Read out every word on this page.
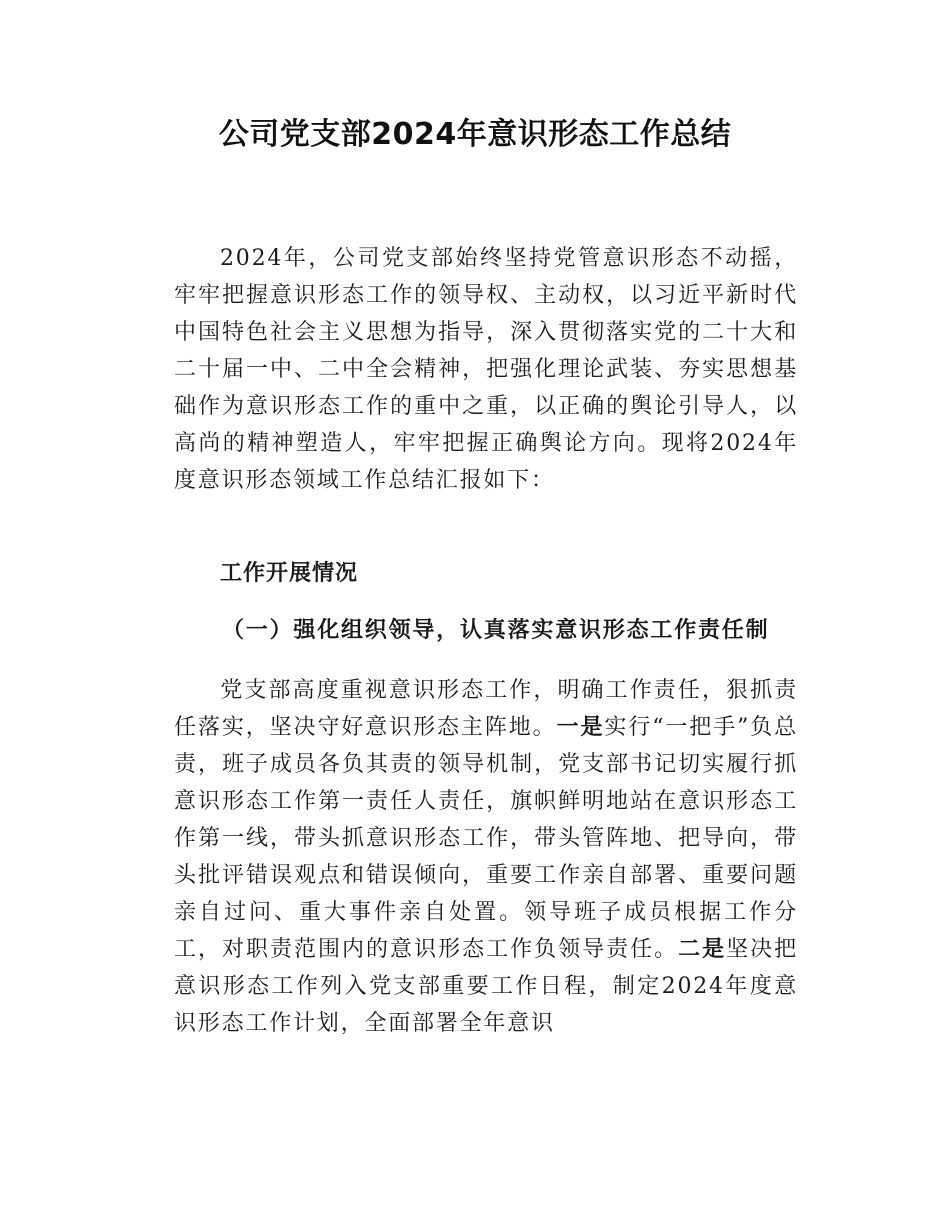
公司党支部2024年意识形态工作总结

2024年，公司党支部始终坚持党管意识形态不动摇，牢牢把握意识形态工作的领导权、主动权，以习近平新时代中国特色社会主义思想为指导，深入贯彻落实党的二十大和二十届一中、二中全会精神，把强化理论武装、夯实思想基础作为意识形态工作的重中之重，以正确的舆论引导人，以高尚的精神塑造人，牢牢把握正确舆论方向。现将2024年度意识形态领域工作总结汇报如下：

工作开展情况
（一）强化组织领导，认真落实意识形态工作责任制

党支部高度重视意识形态工作，明确工作责任，狠抓责任落实，坚决守好意识形态主阵地。一是实行“一把手”负总责，班子成员各负其责的领导机制，党支部书记切实履行抓意识形态工作第一责任人责任，旗帜鲜明地站在意识形态工作第一线，带头抓意识形态工作，带头管阵地、把导向，带头批评错误观点和错误倾向，重要工作亲自部署、重要问题亲自过问、重大事件亲自处置。领导班子成员根据工作分工，对职责范围内的意识形态工作负领导责任。二是坚决把意识形态工作列入党支部重要工作日程，制定2024年度意识形态工作计划，全面部署全年意识
